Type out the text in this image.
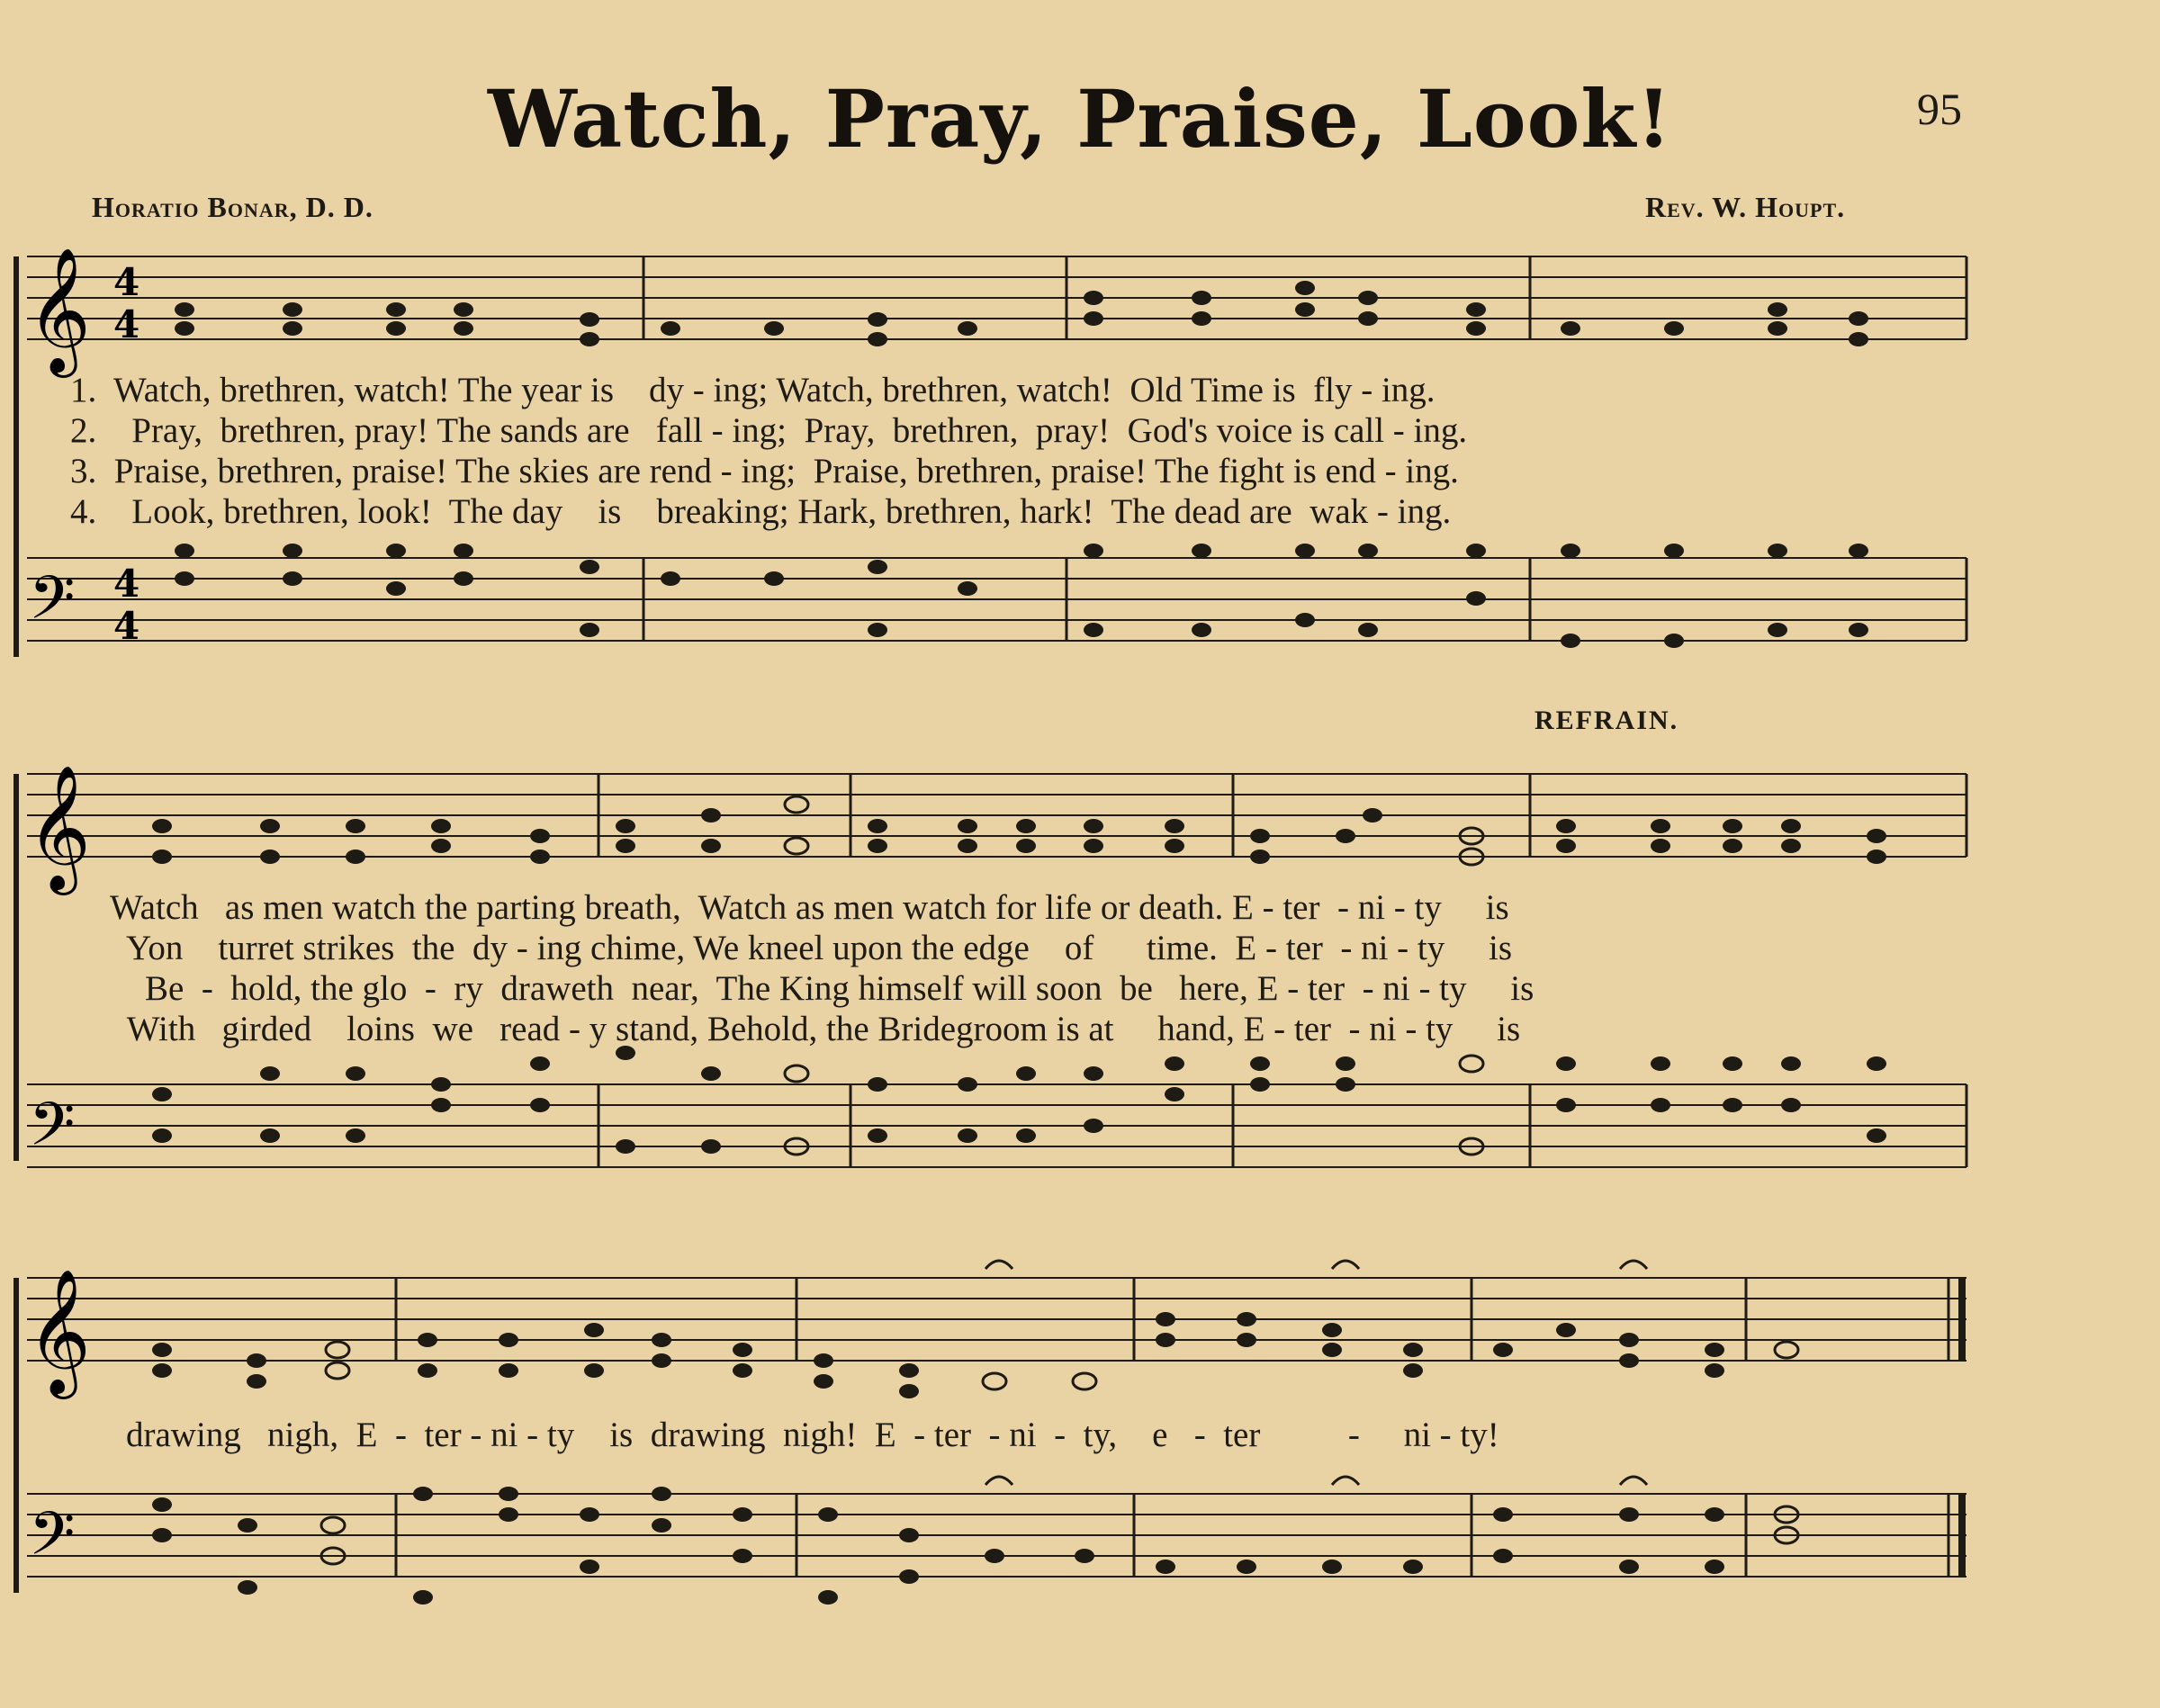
Watch, Pray, Praise, Look!	95
Horatio Bonar, D. D.	Rev. W. Houpt.
REFRAIN.
𝄞 4
4
𝄢 4
4
𝄞
𝄢
𝄞
𝄢
1.  Watch, brethren, watch! The year is    dy - ing; Watch, brethren, watch!  Old Time is  fly - ing.
2.    Pray,  brethren, pray! The sands are   fall - ing;  Pray,  brethren,  pray!  God's voice is call - ing.
3.  Praise, brethren, praise! The skies are rend - ing;  Praise, brethren, praise! The fight is end - ing.
4.    Look, brethren, look!  The day    is    breaking; Hark, brethren, hark!  The dead are  wak - ing.
Watch   as men watch the parting breath,  Watch as men watch for life or death. E - ter  - ni - ty     is
Yon    turret strikes  the  dy - ing chime, We kneel upon the edge    of      time.  E - ter  - ni - ty     is
Be  -  hold, the glo  -  ry  draweth  near,  The King himself will soon  be   here, E - ter  - ni - ty     is
With   girded    loins  we   read - y stand, Behold, the Bridegroom is at     hand, E - ter  - ni - ty     is
drawing   nigh,  E  -  ter - ni - ty    is  drawing  nigh!  E  - ter  - ni  -  ty,    e   -  ter          -     ni - ty!
